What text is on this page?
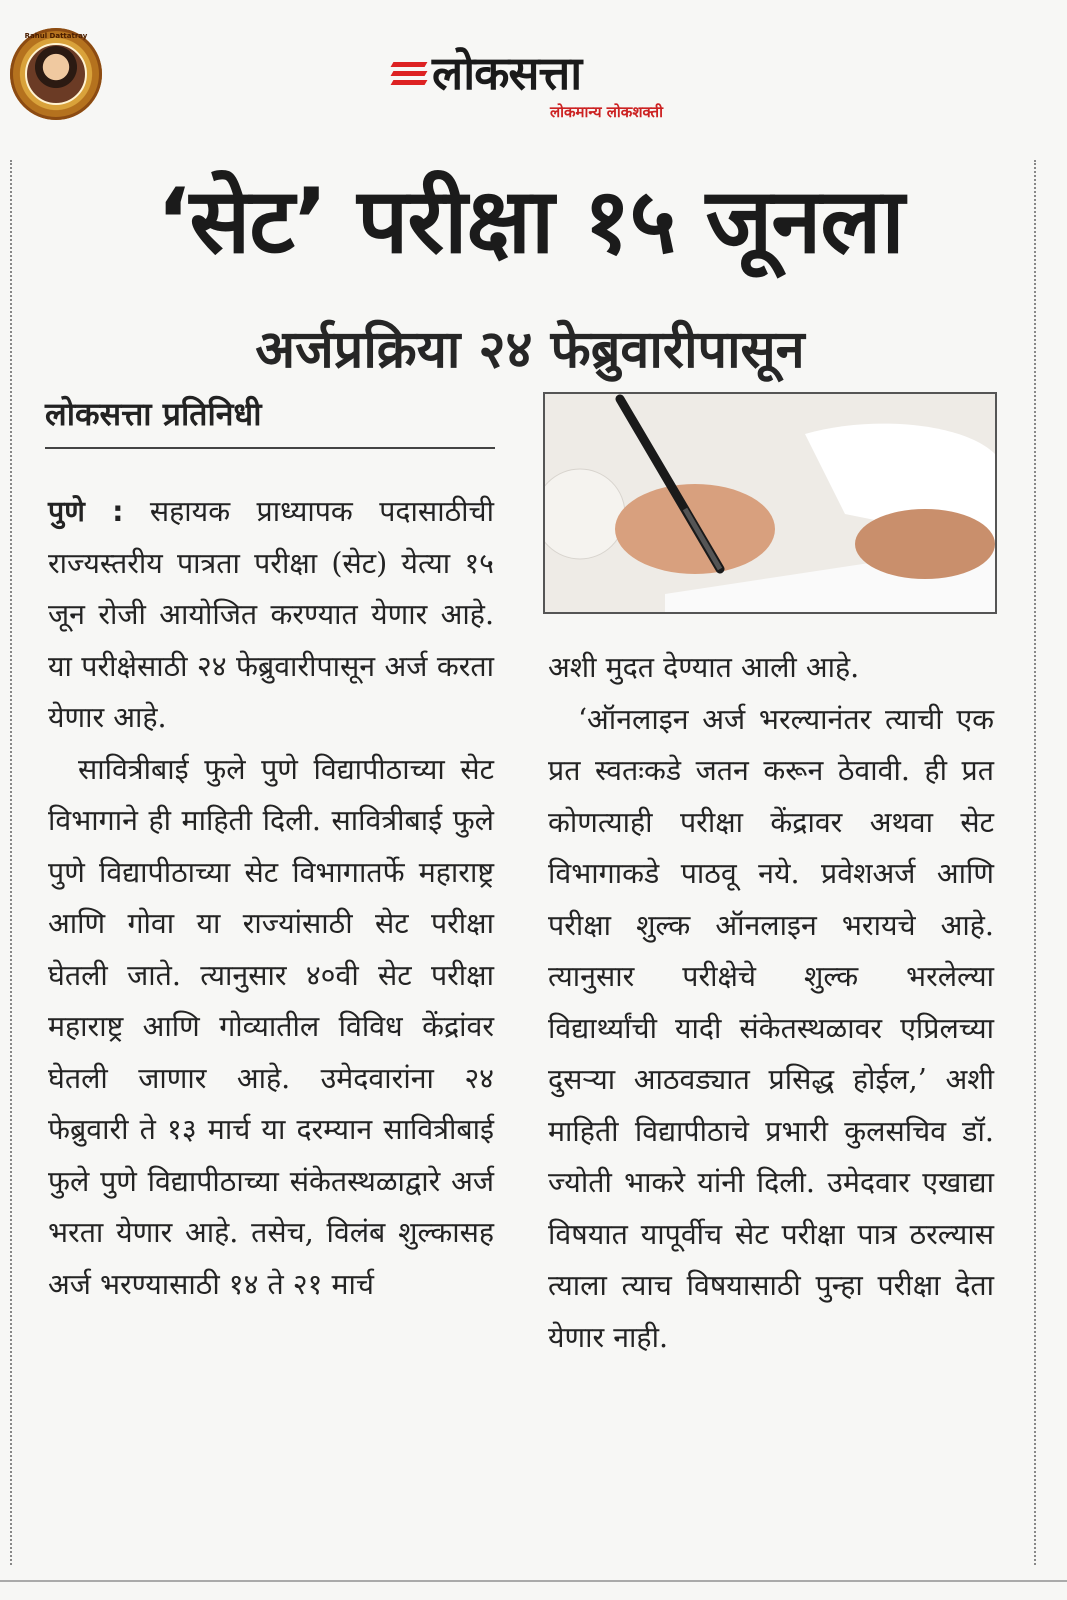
Rahul Dattatray
लोकसत्ता
लोकमान्य लोकशक्ती
‘सेट’ परीक्षा १५ जूनला
अर्जप्रक्रिया २४ फेब्रुवारीपासून
लोकसत्ता प्रतिनिधी

पुणे : सहायक प्राध्यापक पदासाठीची राज्यस्तरीय पात्रता परीक्षा (सेट) येत्या १५ जून रोजी आयोजित करण्यात येणार आहे. या परीक्षेसाठी २४ फेब्रुवारीपासून अर्ज करता येणार आहे.

सावित्रीबाई फुले पुणे विद्यापीठाच्या सेट विभागाने ही माहिती दिली. सावित्रीबाई फुले पुणे विद्यापीठाच्या सेट विभागातर्फे महाराष्ट्र आणि गोवा या राज्यांसाठी सेट परीक्षा घेतली जाते. त्यानुसार ४०वी सेट परीक्षा महाराष्ट्र आणि गोव्यातील विविध केंद्रांवर घेतली जाणार आहे. उमेदवारांना २४ फेब्रुवारी ते १३ मार्च या दरम्यान सावित्रीबाई फुले पुणे विद्यापीठाच्या संकेतस्थळाद्वारे अर्ज भरता येणार आहे. तसेच, विलंब शुल्कासह अर्ज भरण्यासाठी १४ ते २१ मार्च

अशी मुदत देण्यात आली आहे.

‘ऑनलाइन अर्ज भरल्यानंतर त्याची एक प्रत स्वतःकडे जतन करून ठेवावी. ही प्रत कोणत्याही परीक्षा केंद्रावर अथवा सेट विभागाकडे पाठवू नये. प्रवेशअर्ज आणि परीक्षा शुल्क ऑनलाइन भरायचे आहे. त्यानुसार परीक्षेचे शुल्क भरलेल्या विद्यार्थ्यांची यादी संकेतस्थळावर एप्रिलच्या दुसऱ्या आठवड्यात प्रसिद्ध होईल,’ अशी माहिती विद्यापीठाचे प्रभारी कुलसचिव डॉ. ज्योती भाकरे यांनी दिली. उमेदवार एखाद्या विषयात यापूर्वीच सेट परीक्षा पात्र ठरल्यास त्याला त्याच विषयासाठी पुन्हा परीक्षा देता येणार नाही.
